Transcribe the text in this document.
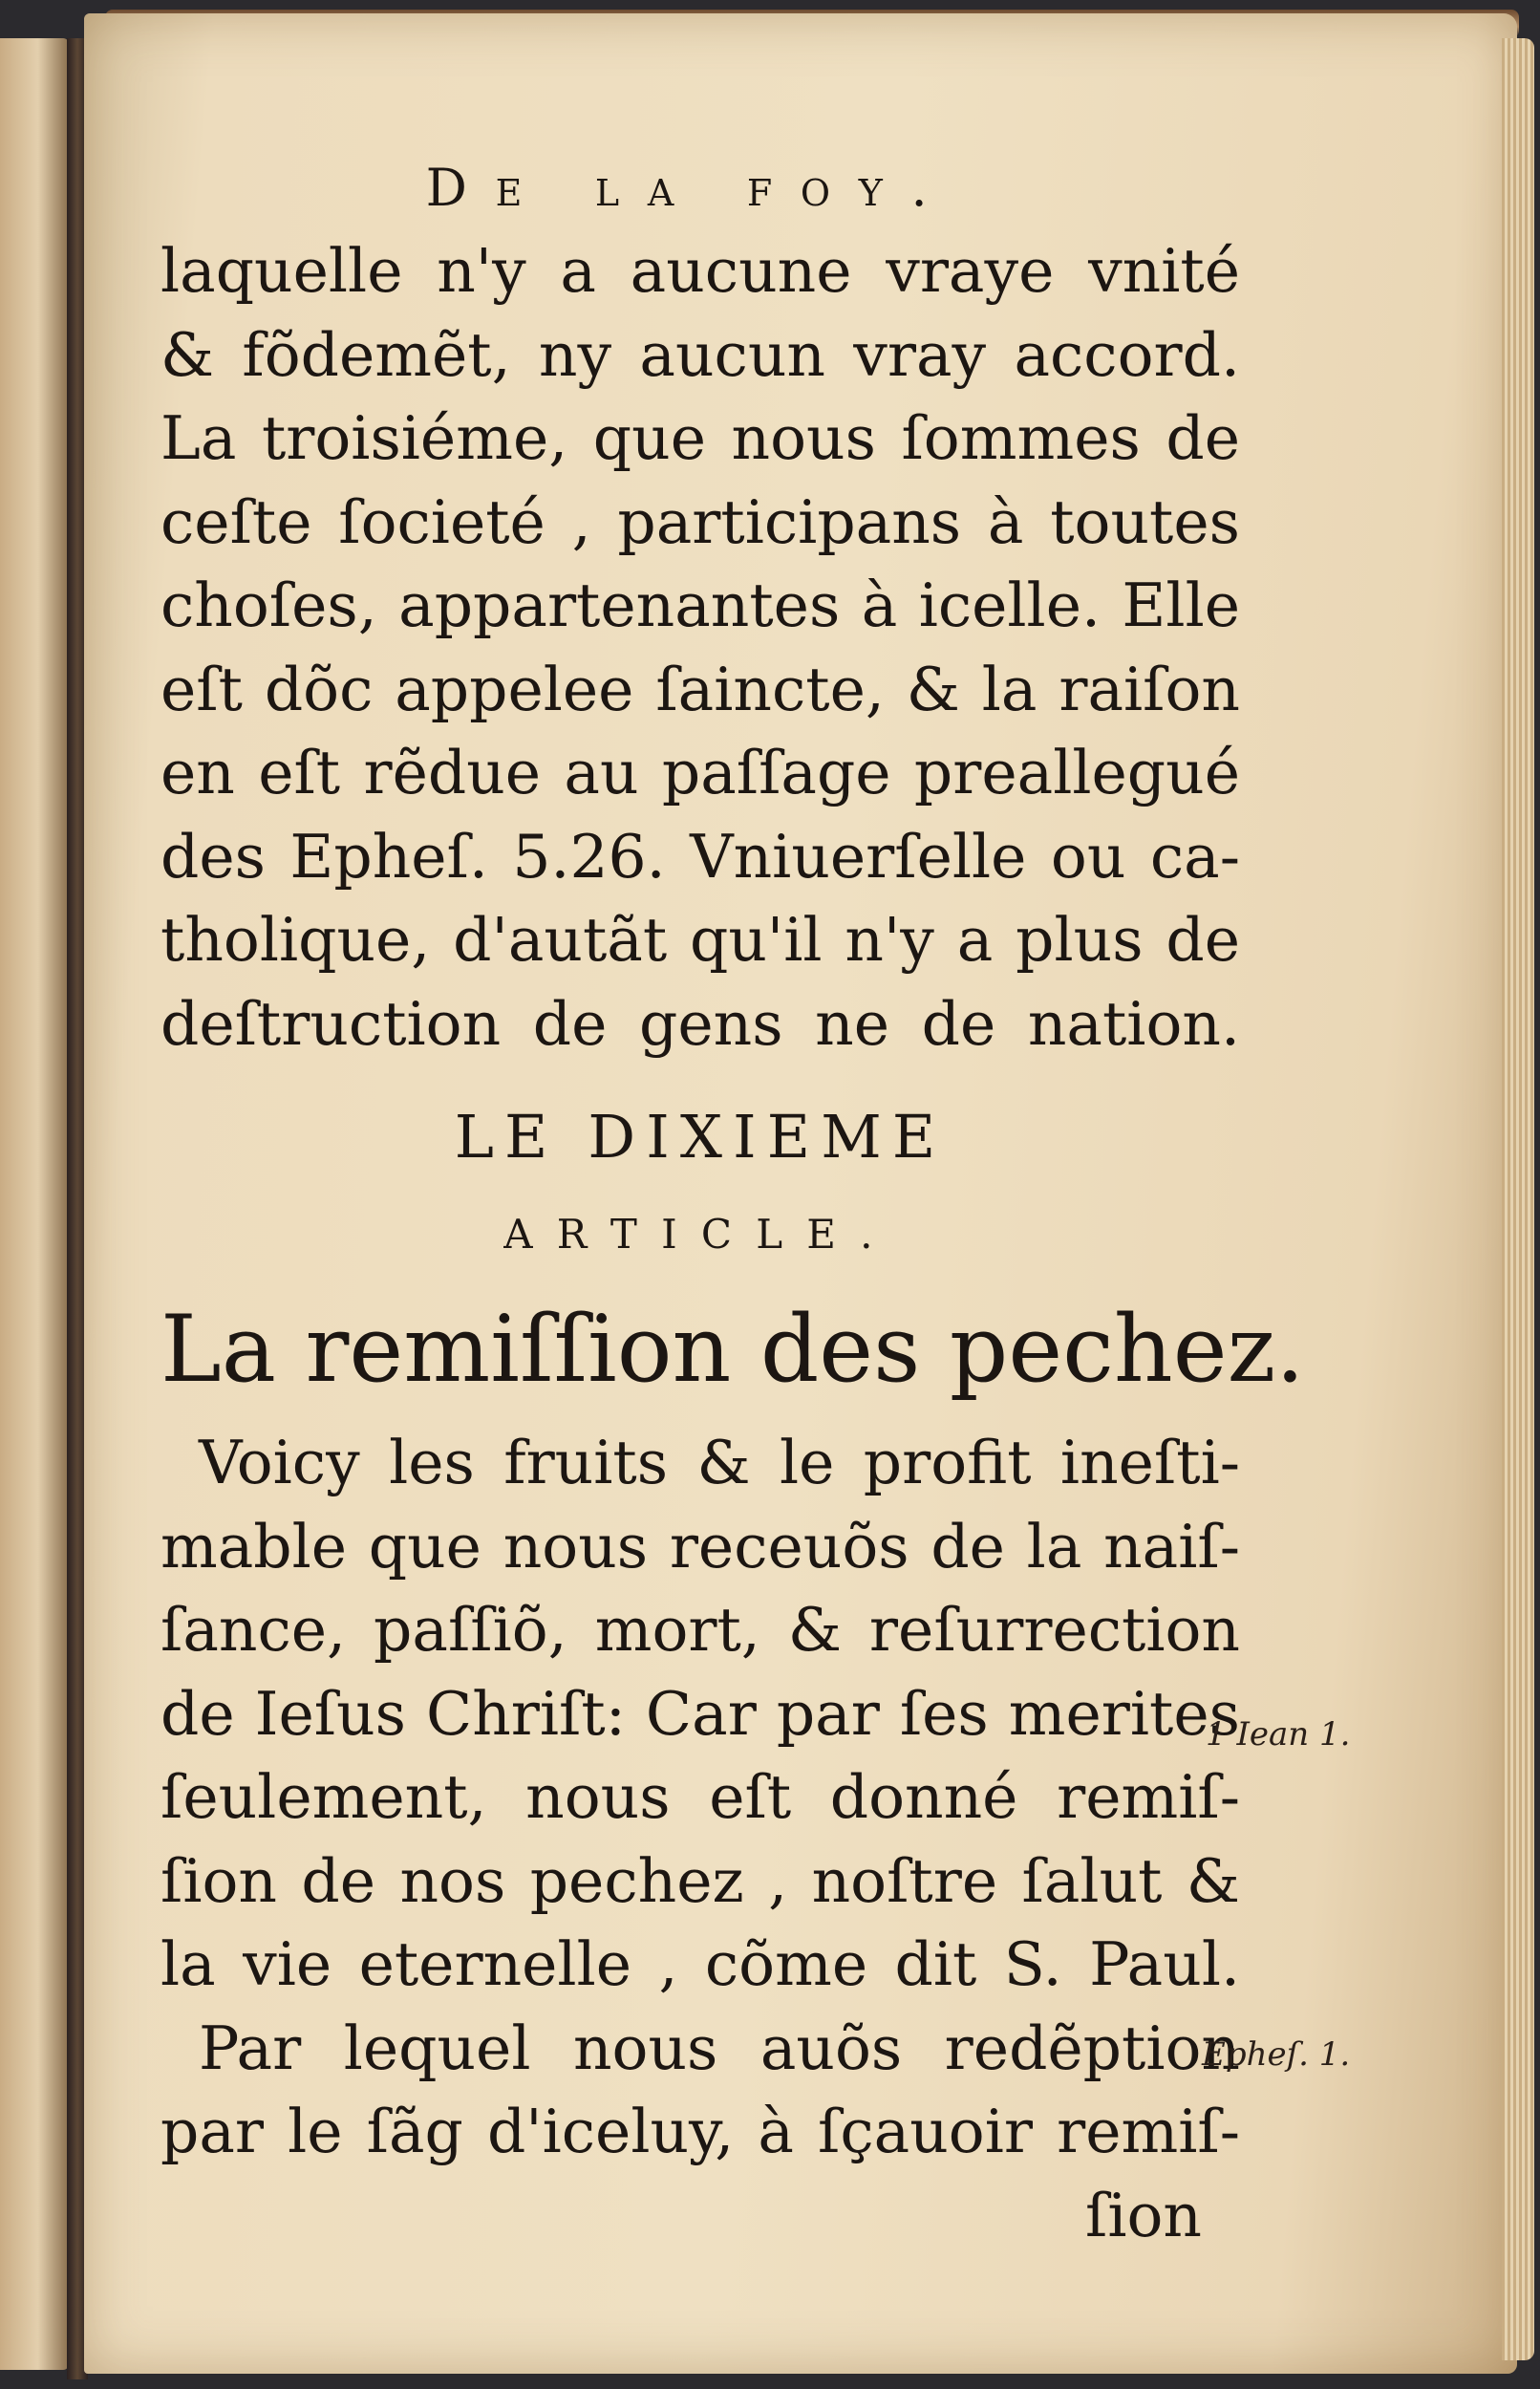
De la foy.
laquelle n'y a aucune vraye vnité
& fõdemẽt, ny aucun vray accord.
La troisiéme, que nous ſommes de
ceſte ſocieté , participans à toutes
choſes, appartenantes à icelle. Elle
eſt dõc appelee ſaincte, & la raiſon
en eſt rẽdue au paſſage preallegué
des Epheſ. 5.26. Vniuerſelle ou ca-
tholique, d'autãt qu'il n'y a plus de
deſtruction de gens ne de nation.
LE DIXIEME
ARTICLE.
La remiſſion des pechez.
Voicy les fruits & le profit ineſti-
mable que nous receuõs de la naiſ-
ſance, paſſiõ, mort, & reſurrection
de Ieſus Chriſt: Car par ſes merites
ſeulement, nous eſt donné remiſ-
ſion de nos pechez , noſtre ſalut &
la vie eternelle , cõme dit S. Paul.
Par lequel nous auõs redẽption
par le ſãg d'iceluy, à ſçauoir remiſ-
ſion
1 Iean 1.
Epheſ. 1.
